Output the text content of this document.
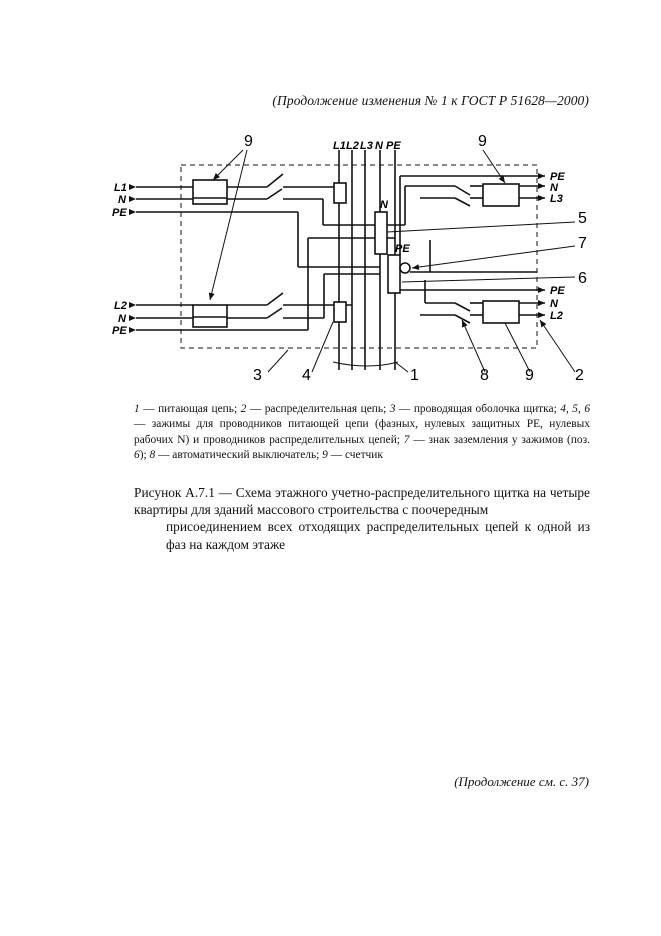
(Продолжение изменения № 1 к ГОСТ Р 51628—2000)
L1 L2 L3 N PE
L1
N
PE
L2
N
PE
PE
N
L3
PE
N
L2
N
PE
9	9
5
7
6
3	4	1	8 9	2
1 — питающая цепь; 2 — распределительная цепь; 3 — проводящая оболочка щитка; 4, 5, 6 — зажимы для проводников питающей цепи (фазных, нулевых защитных PE, нулевых рабочих N) и проводников распределительных цепей; 7 — знак заземления у зажимов (поз. 6); 8 — автоматический выключатель; 9 — счетчик
Рисунок А.7.1 — Схема этажного учетно-распределительного щитка на четыре квартиры для зданий массового строительства с поочередным
присоединением всех отходящих распределительных цепей к одной из фаз на каждом этаже
(Продолжение см. с. 37)
